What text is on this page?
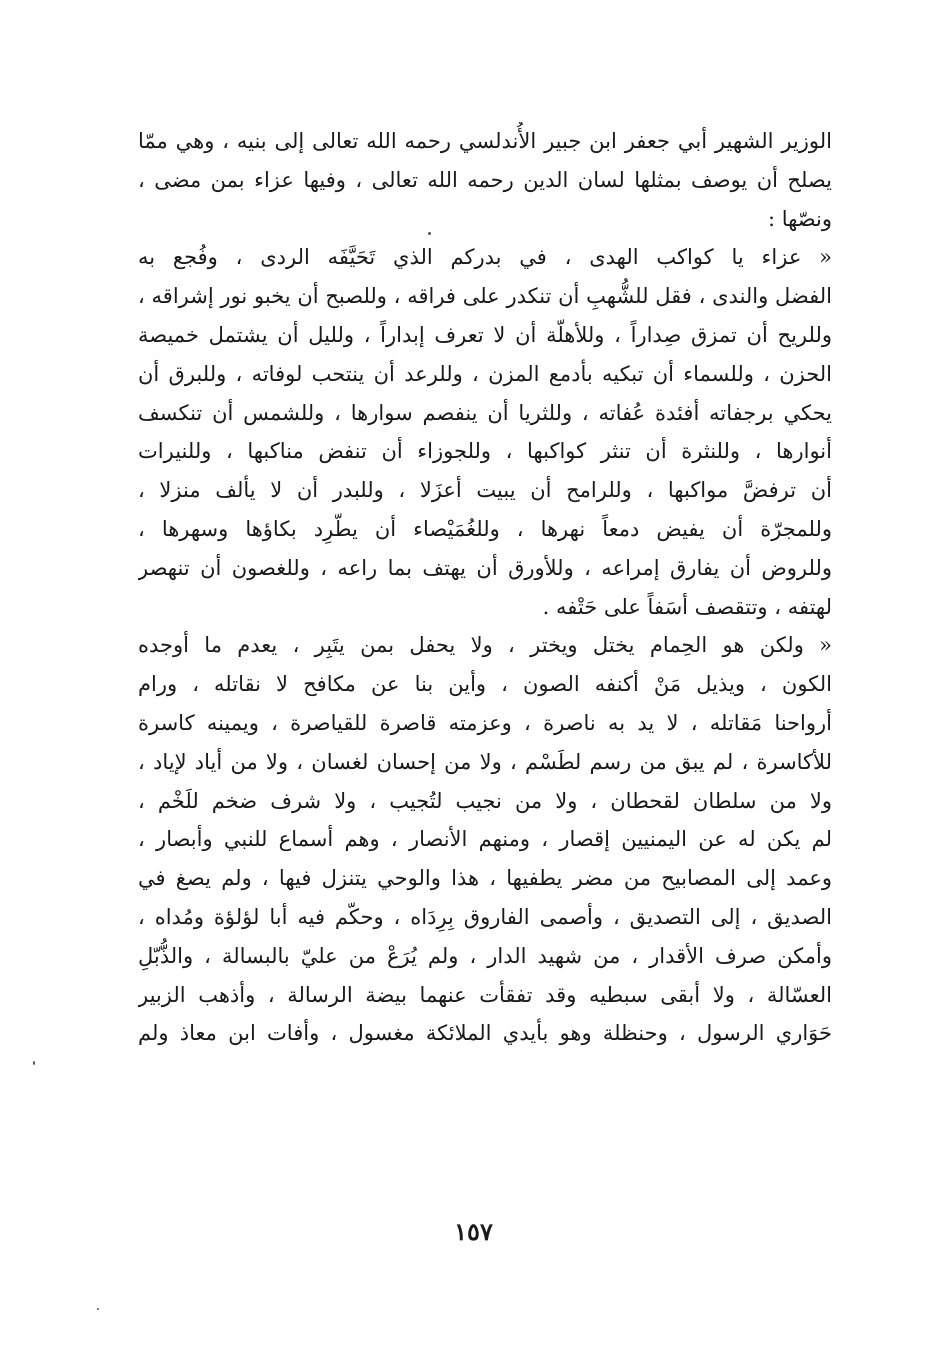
الوزير الشهير أبي جعفر ابن جبير الأُندلسي رحمه الله تعالى إلى بنيه ، وهي ممّا
يصلح أن يوصف بمثلها لسان الدين رحمه الله تعالى ، وفيها عزاء بمن مضى ،
ونصّها :
« عزاء يا كواكب الهدى ، في بدركم الذي تَحَيَّفَه الردى ، وفُجع به
الفضل والندى ، فقل للشُّهبِ أن تنكدر على فراقه ، وللصبح أن يخبو نور إشراقه ،
وللريح أن تمزق صِداراً ، وللأهلّة أن لا تعرف إبداراً ، ولليل أن يشتمل خميصة
الحزن ، وللسماء أن تبكيه بأدمع المزن ، وللرعد أن ينتحب لوفاته ، وللبرق أن
يحكي برجفاته أفئدة عُفاته ، وللثريا أن ينفصم سوارها ، وللشمس أن تنكسف
أنوارها ، وللنثرة أن تنثر كواكبها ، وللجوزاء أن تنفض مناكبها ، وللنيرات
أن ترفضَّ مواكبها ، وللرامح أن يبيت أعزَلا ، وللبدر أن لا يألف منزلا ،
وللمجرّة أن يفيض دمعاً نهرها ، وللغُمَيْصاء أن يطّرِد بكاؤها وسهرها ،
وللروض أن يفارق إمراعه ، وللأورق أن يهتف بما راعه ، وللغصون أن تنهصر
لهتفه ، وتتقصف أسَفاً على حَتْفه .
« ولكن هو الحِمام يختل ويختر ، ولا يحفل بمن يتَبِر ، يعدم ما أوجده
الكون ، ويذيل مَنْ أكنفه الصون ، وأين بنا عن مكافح لا نقاتله ، ورام
أرواحنا مَقاتله ، لا يد به ناصرة ، وعزمته قاصرة للقياصرة ، ويمينه كاسرة
للأكاسرة ، لم يبق من رسم لطَسْم ، ولا من إحسان لغسان ، ولا من أياد لإياد ،
ولا من سلطان لقحطان ، ولا من نجيب لتُجيب ، ولا شرف ضخم للَخْم ،
لم يكن له عن اليمنيين إقصار ، ومنهم الأنصار ، وهم أسماع للنبي وأبصار ،
وعمد إلى المصابيح من مضر يطفيها ، هذا والوحي يتنزل فيها ، ولم يصغ في
الصديق ، إلى التصديق ، وأصمى الفاروق بِرِدَاه ، وحكّم فيه أبا لؤلؤة ومُداه ،
وأمكن صرف الأقدار ، من شهيد الدار ، ولم يُرَعْ من عليّ بالبسالة ، والذُّبّلِ
العسّالة ، ولا أبقى سبطيه وقد تفقأت عنهما بيضة الرسالة ، وأذهب الزبير
حَوَاري الرسول ، وحنظلة وهو بأيدي الملائكة مغسول ، وأفات ابن معاذ ولم
١٥٧
